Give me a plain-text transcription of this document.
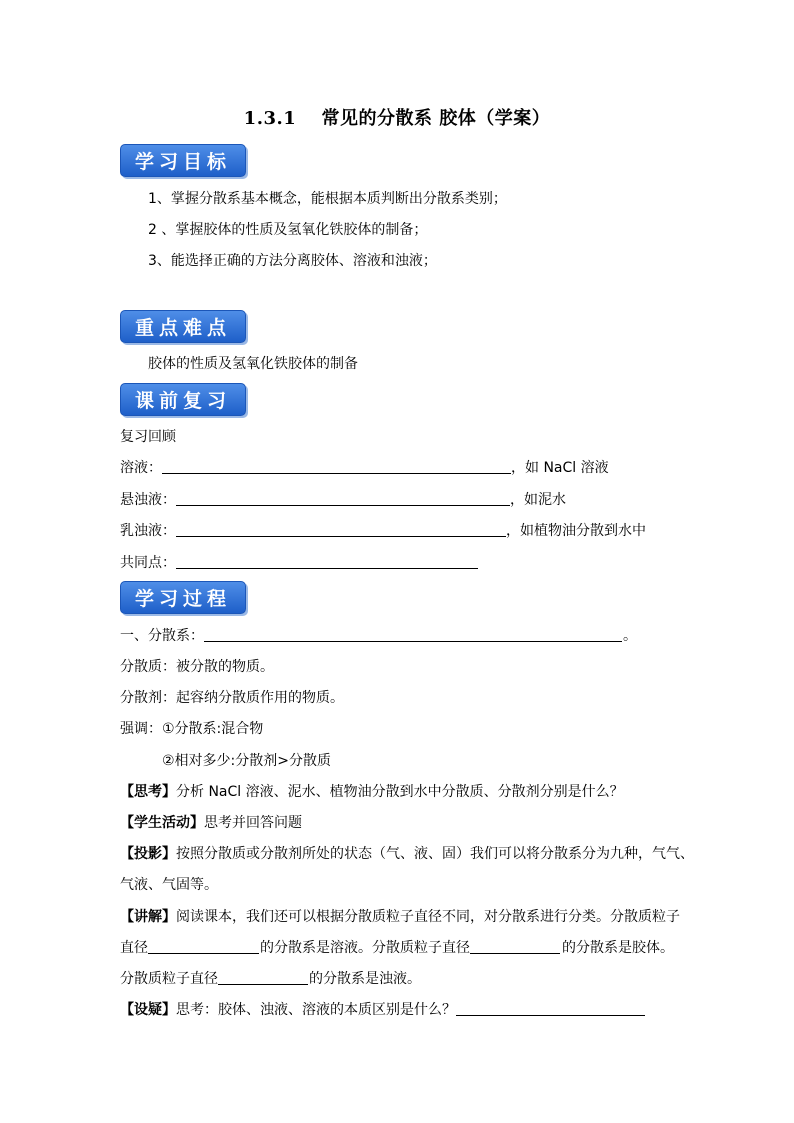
1.3.1　 常见的分散系 胶体（学案）
学习目标
1、掌握分散系基本概念，能根据本质判断出分散系类别；
2 、掌握胶体的性质及氢氧化铁胶体的制备；
3、能选择正确的方法分离胶体、溶液和浊液；
重点难点
胶体的性质及氢氧化铁胶体的制备
课前复习
复习回顾
溶液：	，如 NaCl 溶液
悬浊液：	，如泥水
乳浊液：	，如植物油分散到水中
共同点：
学习过程
一、分散系：	。
分散质：被分散的物质。
分散剂：起容纳分散质作用的物质。
强调：①分散系:混合物
②相对多少:分散剂>分散质
【思考】分析 NaCl 溶液、泥水、植物油分散到水中分散质、分散剂分别是什么？
【学生活动】思考并回答问题
【投影】按照分散质或分散剂所处的状态（气、液、固）我们可以将分散系分为九种，气气、
气液、气固等。
【讲解】阅读课本，我们还可以根据分散质粒子直径不同，对分散系进行分类。分散质粒子
直径	的分散系是溶液。分散质粒子直径	的分散系是胶体。
分散质粒子直径	的分散系是浊液。
【设疑】思考：胶体、浊液、溶液的本质区别是什么？
